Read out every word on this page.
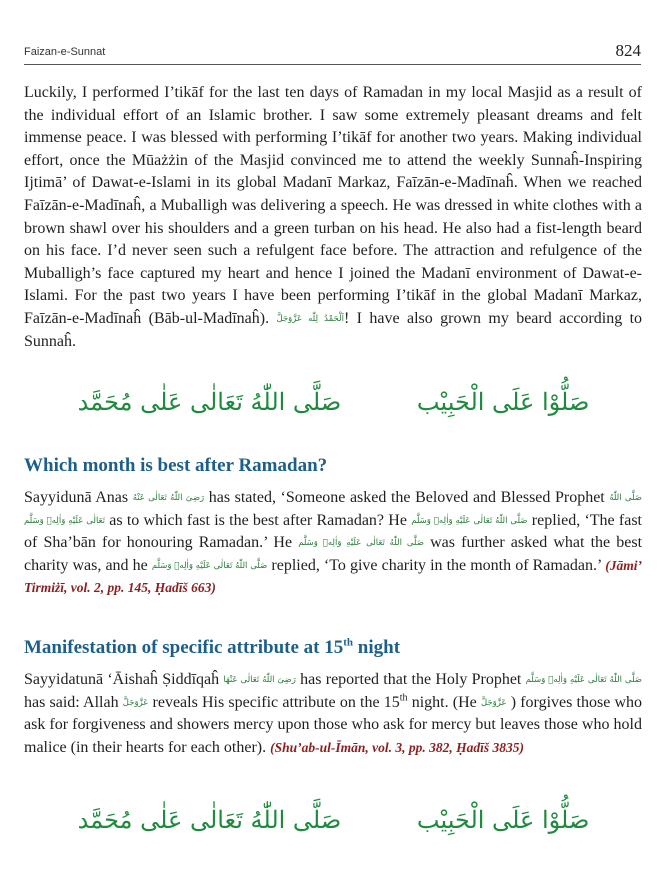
Faizan-e-Sunnat	824
Luckily, I performed I’tikāf for the last ten days of Ramadan in my local Masjid as a result of the individual effort of an Islamic brother. I saw some extremely pleasant dreams and felt immense peace. I was blessed with performing I’tikāf for another two years. Making individual effort, once the Mūażżin of the Masjid convinced me to attend the weekly Sunnaĥ-Inspiring Ijtimā’ of Dawat-e-Islami in its global Madanī Markaz, Faīzān-e-Madīnaĥ. When we reached Faīzān-e-Madīnaĥ, a Muballigh was delivering a speech. He was dressed in white clothes with a brown shawl over his shoulders and a green turban on his head. He also had a fist-length beard on his face. I’d never seen such a refulgent face before. The attraction and refulgence of the Muballigh’s face captured my heart and hence I joined the Madanī environment of Dawat-e-Islami. For the past two years I have been performing I’tikāf in the global Madanī Markaz, Faīzān-e-Madīnaĥ (Bāb-ul-Madīnaĥ). اَلْحَمْدُ لِلّٰه عَزَّوَجَلَّ! I have also grown my beard according to Sunnaĥ.
صَلُّوْا عَلَی الْحَبِیْب صَلَّی اللّٰهُ تَعَالٰی عَلٰی مُحَمَّد
Which month is best after Ramadan?
Sayyidunā Anas رَضِیَ اللّٰهُ تَعَالٰی عَنْهُ has stated, ‘Someone asked the Beloved and Blessed Prophet صَلَّی اللّٰهُ تَعَالٰی عَلَیْهِ وَاٰلِهٖ وَسَلَّم as to which fast is the best after Ramadan? He صَلَّی اللّٰهُ تَعَالٰی عَلَیْهِ وَاٰلِهٖ وَسَلَّم replied, ‘The fast of Sha’bān for honouring Ramadan.’ He صَلَّی اللّٰهُ تَعَالٰی عَلَیْهِ وَاٰلِهٖ وَسَلَّم was further asked what the best charity was, and he صَلَّی اللّٰهُ تَعَالٰی عَلَیْهِ وَاٰلِهٖ وَسَلَّم replied, ‘To give charity in the month of Ramadan.’ (Jāmi’ Tirmiżī, vol. 2, pp. 145, Ḥadīš 663)
Manifestation of specific attribute at 15th night
Sayyidatunā ‘Āishaĥ Ṣiddīqaĥ رَضِیَ اللّٰهُ تَعَالٰی عَنْهَا has reported that the Holy Prophet صَلَّی اللّٰهُ تَعَالٰی عَلَیْهِ وَاٰلِهٖ وَسَلَّم has said: Allah عَزَّوَجَلَّ reveals His specific attribute on the 15th night. (He عَزَّوَجَلَّ ) forgives those who ask for forgiveness and showers mercy upon those who ask for mercy but leaves those who hold malice (in their hearts for each other). (Shu’ab-ul-Īmān, vol. 3, pp. 382, Ḥadīš 3835)
صَلُّوْا عَلَی الْحَبِیْب صَلَّی اللّٰهُ تَعَالٰی عَلٰی مُحَمَّد
